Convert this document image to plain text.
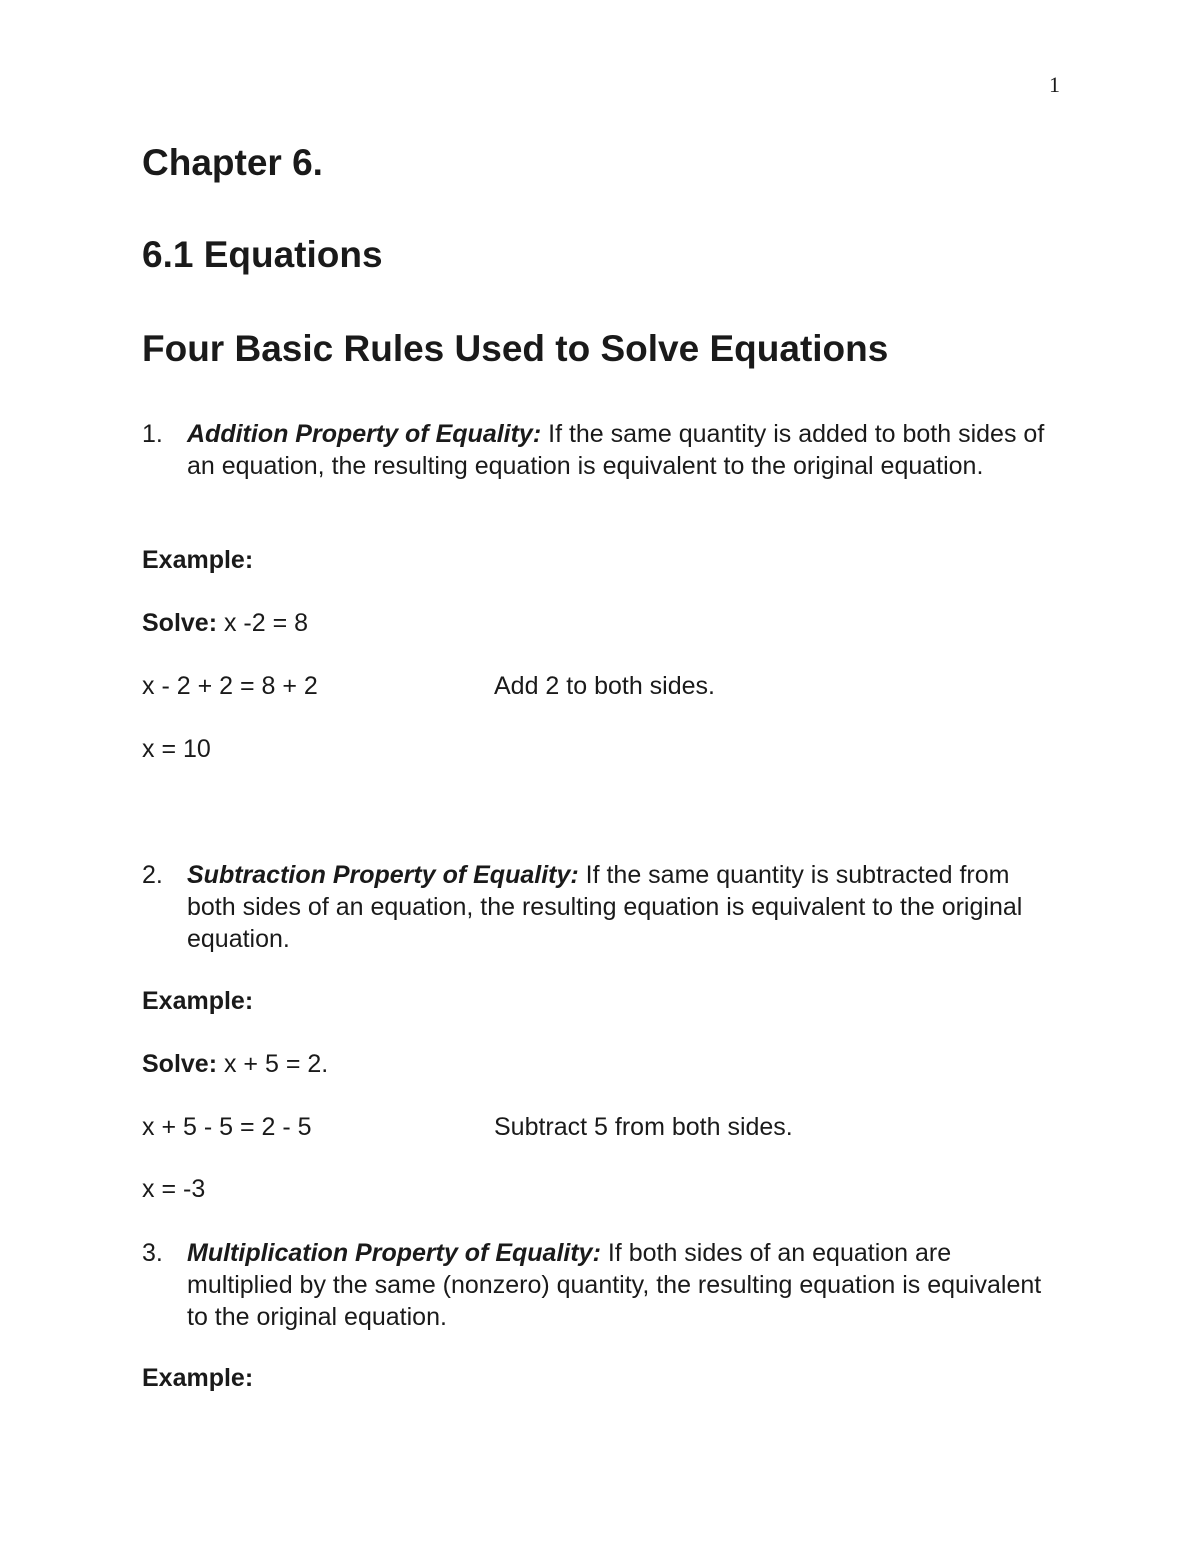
1
Chapter 6.
6.1 Equations
Four Basic Rules Used to Solve Equations
1. Addition Property of Equality: If the same quantity is added to both sides of an equation, the resulting equation is equivalent to the original equation.
Example:
Solve: x -2 = 8
x - 2 + 2 = 8 + 2	Add 2 to both sides.
x = 10
2. Subtraction Property of Equality: If the same quantity is subtracted from both sides of an equation, the resulting equation is equivalent to the original equation.
Example:
Solve: x + 5 = 2.
x + 5 - 5 = 2 - 5	Subtract 5 from both sides.
x = -3
3. Multiplication Property of Equality: If both sides of an equation are multiplied by the same (nonzero) quantity, the resulting equation is equivalent to the original equation.
Example:
